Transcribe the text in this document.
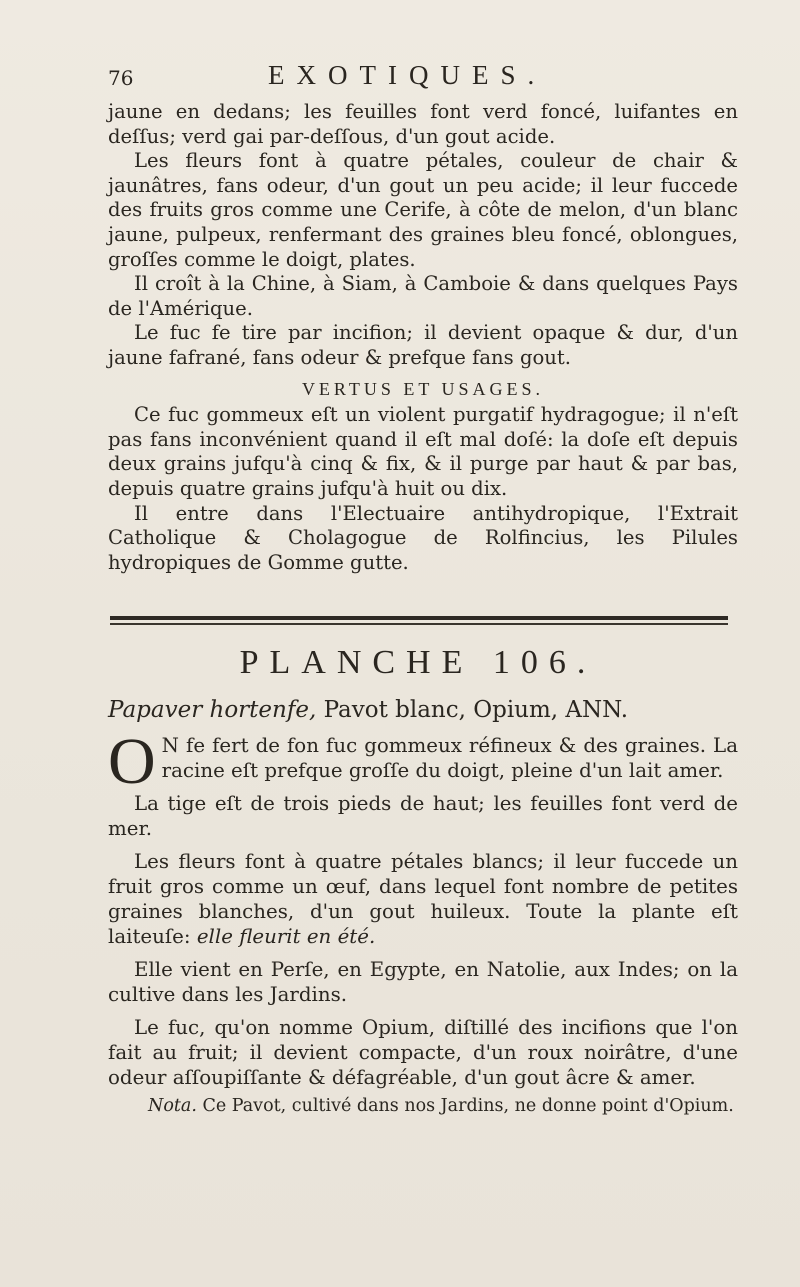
76	EXOTIQUES.

jaune en dedans; les feuilles font verd foncé, luifantes en deſſus; verd gai par-deſſous, d'un gout acide.

Les fleurs font à quatre pétales, couleur de chair & jaunâtres, fans odeur, d'un gout un peu acide; il leur fuccede des fruits gros comme une Cerife, à côte de melon, d'un blanc jaune, pulpeux, renfermant des graines bleu foncé, oblongues, groſſes comme le doigt, plates.

Il croît à la Chine, à Siam, à Camboie & dans quelques Pays de l'Amérique.

Le fuc fe tire par incifion; il devient opaque & dur, d'un jaune fafrané, fans odeur & prefque fans gout.

VERTUS ET USAGES.

Ce fuc gommeux eſt un violent purgatif hydragogue; il n'eſt pas fans inconvénient quand il eſt mal doſé: la doſe eſt depuis deux grains jufqu'à cinq & fix, & il purge par haut & par bas, depuis quatre grains jufqu'à huit ou dix.

Il entre dans l'Electuaire antihydropique, l'Extrait Catholique & Cholagogue de Rolfincius, les Pilules hydropiques de Gomme gutte.

PLANCHE 106.

Papaver hortenfe, Pavot blanc, Opium, ANN.

O N fe fert de fon fuc gommeux réfineux & des graines. La racine eſt prefque groſſe du doigt, pleine d'un lait amer.

La tige eſt de trois pieds de haut; les feuilles font verd de mer.

Les fleurs font à quatre pétales blancs; il leur fuccede un fruit gros comme un œuf, dans lequel font nombre de petites graines blanches, d'un gout huileux. Toute la plante eſt laiteuſe: elle fleurit en été.

Elle vient en Perſe, en Egypte, en Natolie, aux Indes; on la cultive dans les Jardins.

Le fuc, qu'on nomme Opium, diſtillé des incifions que l'on fait au fruit; il devient compacte, d'un roux noirâtre, d'une odeur aſſoupiſſante & défagréable, d'un gout âcre & amer.

Nota. Ce Pavot, cultivé dans nos Jardins, ne donne point d'Opium.
